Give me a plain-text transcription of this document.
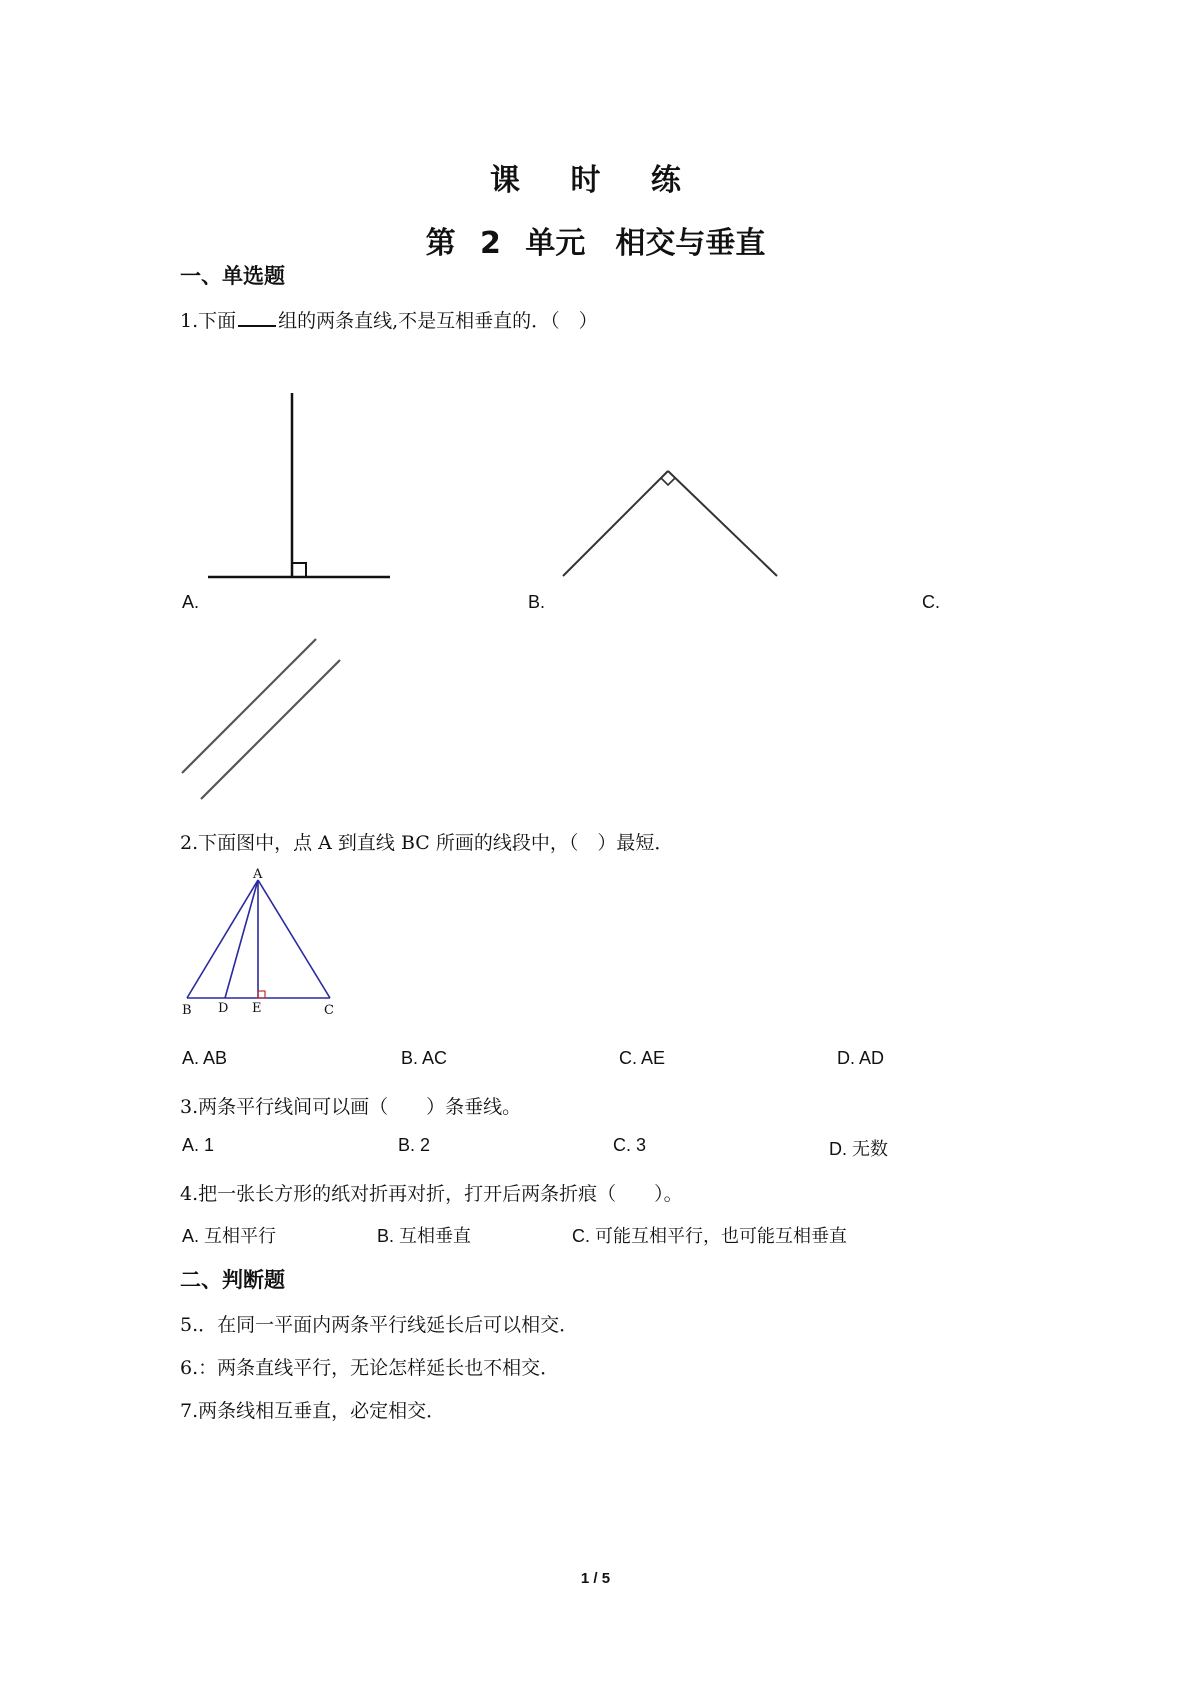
课 时 练
第 2 单元　相交与垂直
一、单选题
1.下面 组的两条直线,不是互相垂直的．（　）
A.	B.	C.
2.下面图中，点 A 到直线 BC 所画的线段中，（　）最短．
A
B D E	C
A. AB	B. AC	C. AE	D. AD
3.两条平行线间可以画（　　）条垂线。
A. 1	B. 2	C. 3	D. 无数
4.把一张长方形的纸对折再对折，打开后两条折痕（　　）。
A. 互相平行	B. 互相垂直	C. 可能互相平行，也可能互相垂直
二、判断题
5.．在同一平面内两条平行线延长后可以相交．
6.：两条直线平行，无论怎样延长也不相交．
7.两条线相互垂直，必定相交．
1 / 5
